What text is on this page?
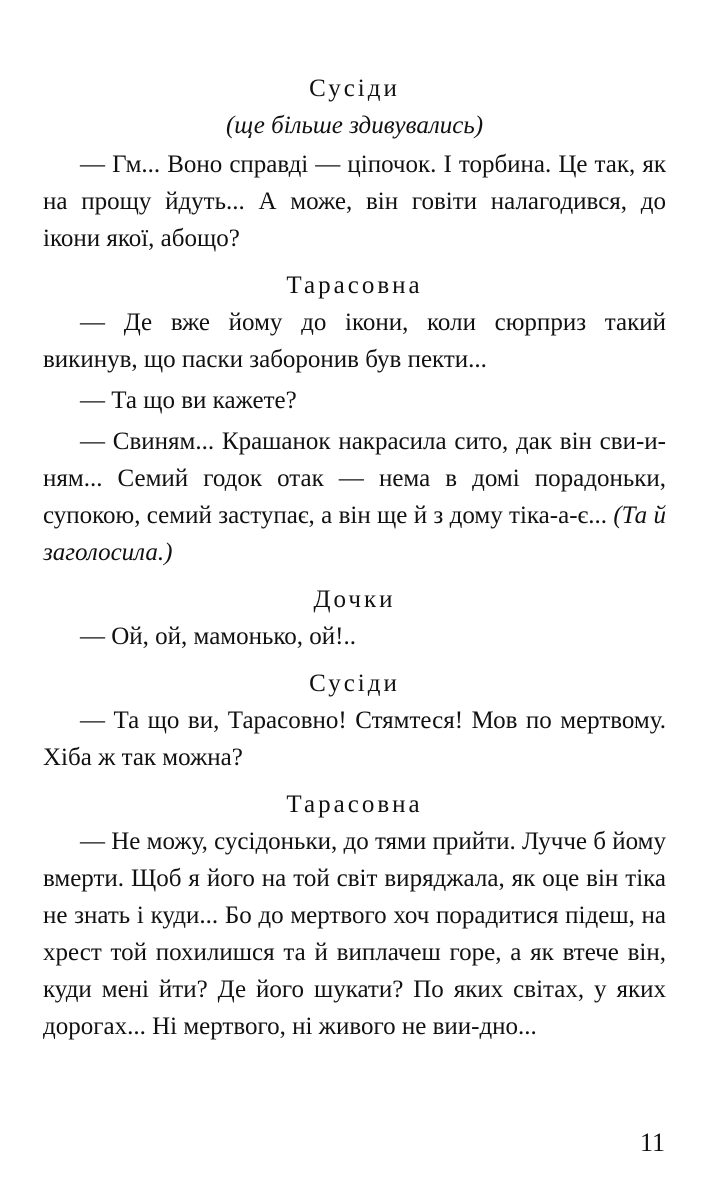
Сусіди

(ще більше здивувались)

— Гм... Воно справді — ціпочок. І торбина. Це так, як на прощу йдуть... А може, він говіти налагодився, до ікони якої, абощо?

Тарасовна

— Де вже йому до ікони, коли сюрприз такий викинув, що паски заборонив був пекти...

— Та що ви кажете?

— Свиням... Крашанок накрасила сито, дак він сви-и-ням... Семий годок отак — нема в домі порадоньки, супокою, семий заступає, а він ще й з дому тіка-а-є... (Та й заголосила.)

Дочки

— Ой, ой, мамонько, ой!..

Сусіди

— Та що ви, Тарасовно! Стямтеся! Мов по мертвому. Хіба ж так можна?

Тарасовна

— Не можу, сусідоньки, до тями прийти. Лучче б йому вмерти. Щоб я його на той світ виряджала, як оце він тіка не знать і куди... Бо до мертвого хоч порадитися підеш, на хрест той похилишся та й виплачеш горе, а як втече він, куди мені йти? Де його шукати? По яких світах, у яких дорогах... Ні мертвого, ні живого не вии-дно...

11
